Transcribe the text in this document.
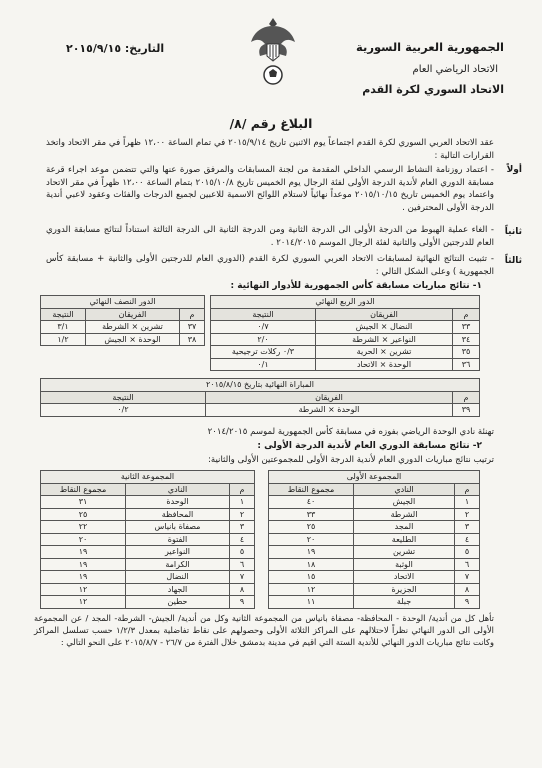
الجمهورية العربية السورية
الاتحاد الرياضي العام
الاتحاد السوري لكرة القدم
التاريخ: ٢٠١٥/٩/١٥
البلاغ رقم /٨/
عقد الاتحاد العربي السوري لكرة القدم اجتماعاً يوم الاثنين تاريخ ٢٠١٥/٩/١٤ في تمام الساعة ١٢،٠٠ ظهراً في مقر الاتحاد واتخذ القرارات التالية :
أولاً
- اعتماد روزنامة النشاط الرسمي الداخلي المقدمة من لجنة المسابقات والمرفق صورة عنها والتي تتضمن موعد اجراء قرعة مسابقة الدوري العام لأندية الدرجة الأولى لفئة الرجال يوم الخميس تاريخ ٢٠١٥/١٠/٨ بتمام الساعة ١٢،٠٠ ظهراً في مقر الاتحاد واعتماد يوم الخميس تاريخ ٢٠١٥/١٠/١٥ موعداً نهائياً لاستلام اللوائح الاسمية للاعبين لجميع الدرجات والفئات وعقود لاعبي أندية الدرجة الأولى المحترفين .
ثانياً
- الغاء عملية الهبوط من الدرجة الأولى الى الدرجة الثانية ومن الدرجة الثانية الى الدرجة الثالثة استناداً لنتائج مسابقة الدوري العام للدرجتين الأولى والثانية لفئة الرجال الموسم ٢٠١٤/٢٠١٥ .
ثالثاً
- تثبيت النتائج النهائية لمسابقات الاتحاد العربي السوري لكرة القدم (الدوري العام للدرجتين الأولى والثانية + مسابقة كأس الجمهورية ) وعلى الشكل التالي :
١- نتائج مباريات مسابقة كأس الجمهورية للأدوار النهائية :
الدور الربع النهائي		
م	الفريقان	النتيجة
٣٣	النضال × الجيش	٠/٧
٣٤	النواعير × الشرطة	٢/٠
٣٥	تشرين × الحرية	٠/٣ ركلات ترجيحية
٣٦	الوحدة × الاتحاد	٠/١
الدور النصف النهائي		
م	الفريقان	النتيجة
٣٧	تشرين × الشرطة	٣/١
٣٨	الوحدة × الجيش	١/٢
المباراة النهائية بتاريخ ٢٠١٥/٨/١٥		
م	الفريقان	النتيجة
٣٩	الوحدة × الشرطة	٠/٢
تهنئة نادي الوحدة الرياضي بفوزه في مسابقة كأس الجمهورية لموسم ٢٠١٤/٢٠١٥
٢- نتائج مسابقة الدوري العام لأندية الدرجة الأولى :
ترتيب نتائج مباريات الدوري العام لأندية الدرجة الأولى للمجموعتين الأولى والثانية:
المجموعة الأولى		
م	النادي	مجموع النقاط
١	الجيش	٤٠
٢	الشرطة	٣٣
٣	المجد	٢٥
٤	الطليعة	٢٠
٥	تشرين	١٩
٦	الوثبة	١٨
٧	الاتحاد	١٥
٨	الجزيرة	١٢
٩	جبلة	١١
المجموعة الثانية		
م	النادي	مجموع النقاط
١	الوحدة	٣١
٢	المحافظة	٢٥
٣	مصفاة بانياس	٢٢
٤	الفتوة	٢٠
٥	النواعير	١٩
٦	الكرامة	١٩
٧	النضال	١٩
٨	الجهاد	١٢
٩	حطين	١٢
تأهل كل من أندية/ الوحدة - المحافظة- مصفاة بانياس من المجموعة الثانية وكل من أندية/ الجيش- الشرطة- المجد / عن المجموعة الأولى الى الدور النهائي نظراً لاحتلالهم على المراكز الثلاثة الأولى وحصولهم على نقاط تفاضلية بمعدل ١/٢/٣ حسب تسلسل المراكز وكانت نتائج مباريات الدور النهائي للأندية الستة التي اقيم في مدينة بدمشق خلال الفترة من ٢٦/٧ - ٢٠١٥/٨/٧ على النحو التالي :
